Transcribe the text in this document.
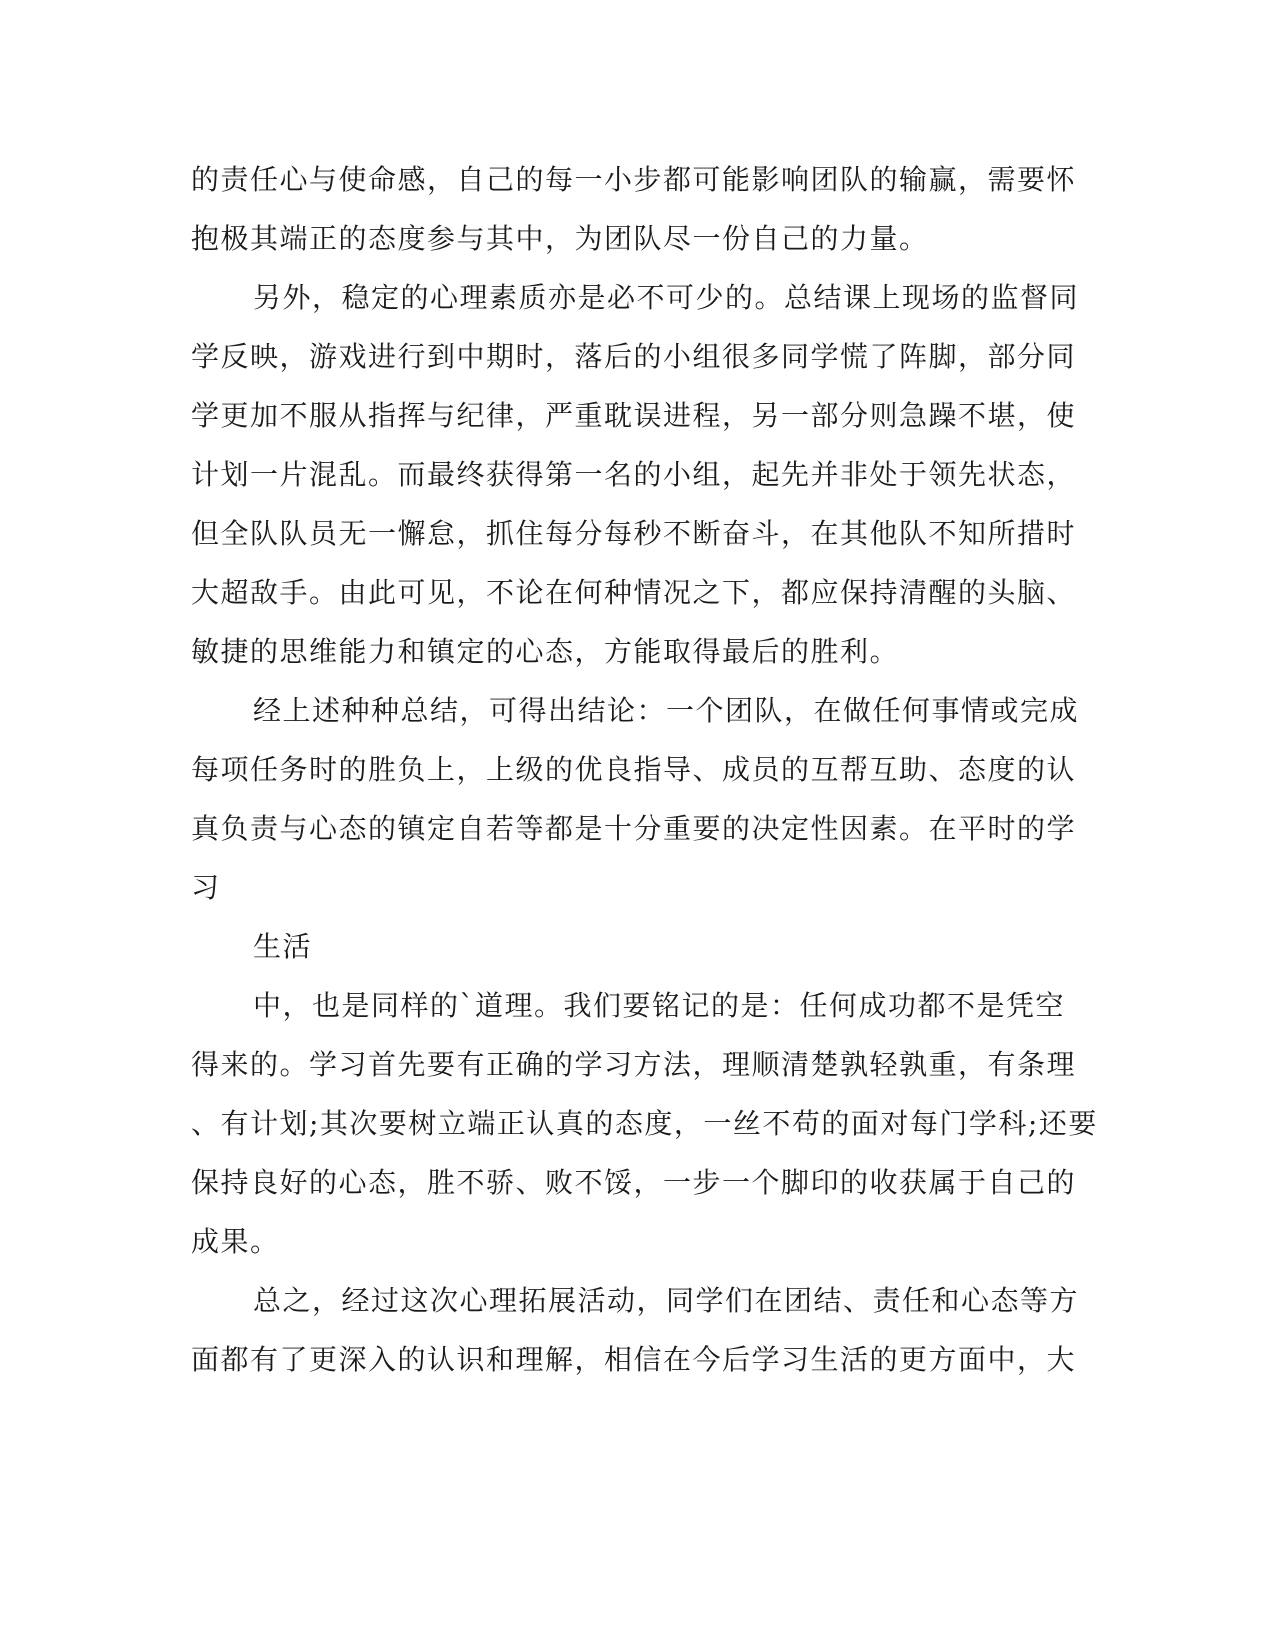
的责任心与使命感，自己的每一小步都可能影响团队的输赢，需要怀
抱极其端正的态度参与其中，为团队尽一份自己的力量。
另外，稳定的心理素质亦是必不可少的。总结课上现场的监督同
学反映，游戏进行到中期时，落后的小组很多同学慌了阵脚，部分同
学更加不服从指挥与纪律，严重耽误进程，另一部分则急躁不堪，使
计划一片混乱。而最终获得第一名的小组，起先并非处于领先状态，
但全队队员无一懈怠，抓住每分每秒不断奋斗，在其他队不知所措时
大超敌手。由此可见，不论在何种情况之下，都应保持清醒的头脑、
敏捷的思维能力和镇定的心态，方能取得最后的胜利。
经上述种种总结，可得出结论：一个团队，在做任何事情或完成
每项任务时的胜负上，上级的优良指导、成员的互帮互助、态度的认
真负责与心态的镇定自若等都是十分重要的决定性因素。在平时的学
习
生活
中，也是同样的`道理。我们要铭记的是：任何成功都不是凭空
得来的。学习首先要有正确的学习方法，理顺清楚孰轻孰重，有条理
、有计划;其次要树立端正认真的态度，一丝不苟的面对每门学科;还要
保持良好的心态，胜不骄、败不馁，一步一个脚印的收获属于自己的
成果。
总之，经过这次心理拓展活动，同学们在团结、责任和心态等方
面都有了更深入的认识和理解，相信在今后学习生活的更方面中，大
